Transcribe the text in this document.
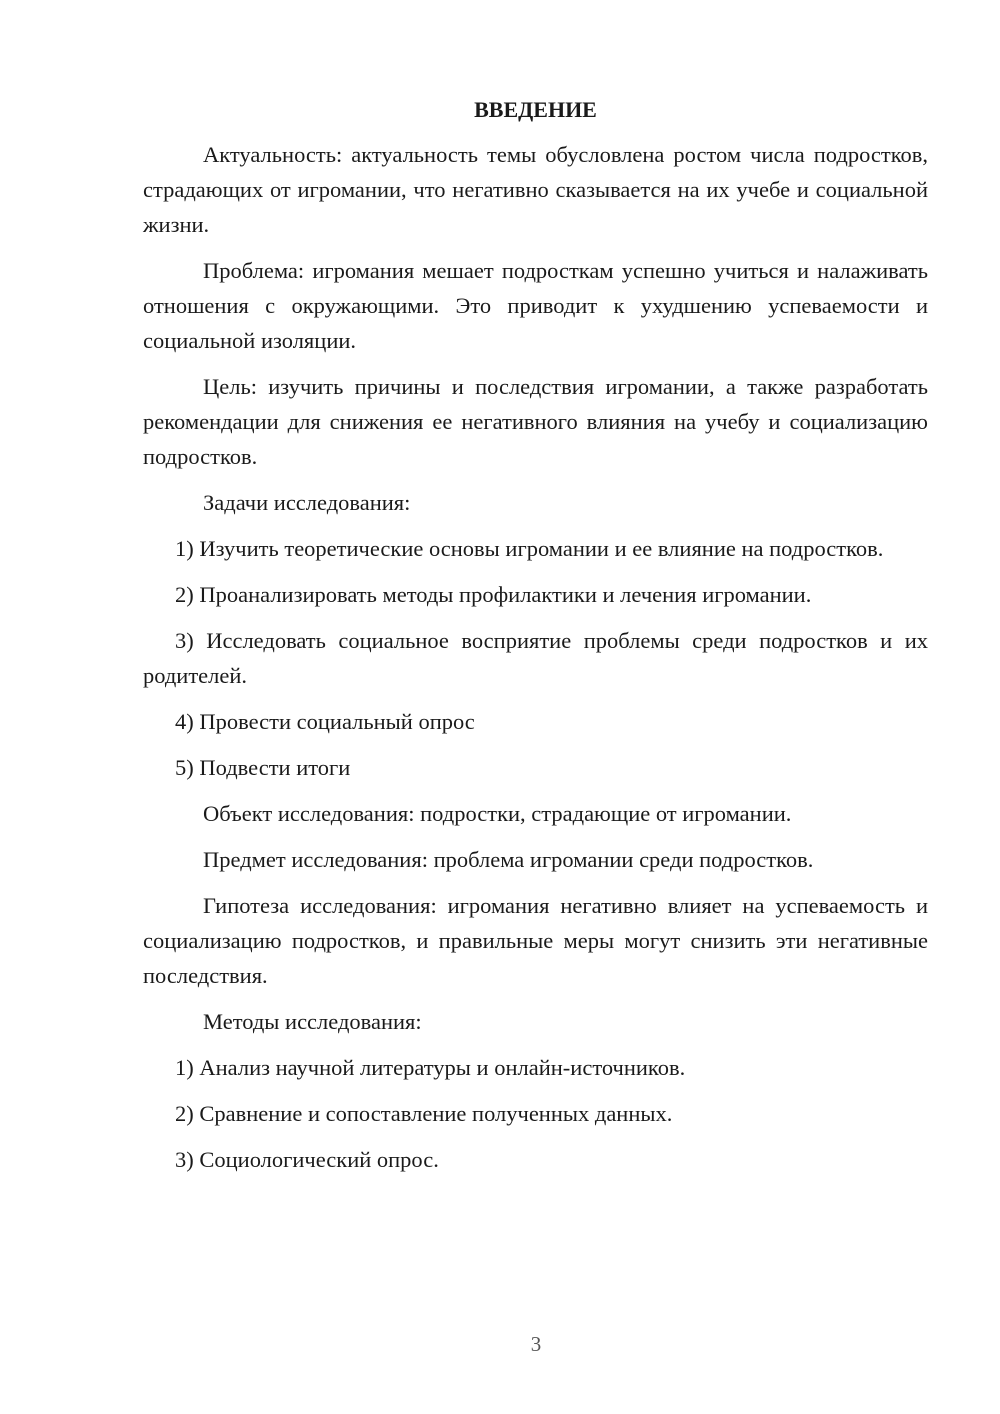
ВВЕДЕНИЕ

Актуальность: актуальность темы обусловлена ростом числа подростков, страдающих от игромании, что негативно сказывается на их учебе и социальной жизни.

Проблема: игромания мешает подросткам успешно учиться и налаживать отношения с окружающими. Это приводит к ухудшению успеваемости и социальной изоляции.

Цель: изучить причины и последствия игромании, а также разработать рекомендации для снижения ее негативного влияния на учебу и социализацию подростков.

Задачи исследования:

1) Изучить теоретические основы игромании и ее влияние на подростков.

2) Проанализировать методы профилактики и лечения игромании.

3) Исследовать социальное восприятие проблемы среди подростков и их родителей.

4) Провести социальный опрос

5) Подвести итоги

Объект исследования: подростки, страдающие от игромании.

Предмет исследования: проблема игромании среди подростков.

Гипотеза исследования: игромания негативно влияет на успеваемость и социализацию подростков, и правильные меры могут снизить эти негативные последствия.

Методы исследования:

1) Анализ научной литературы и онлайн-источников.

2) Сравнение и сопоставление полученных данных.

3) Социологический опрос.

3
